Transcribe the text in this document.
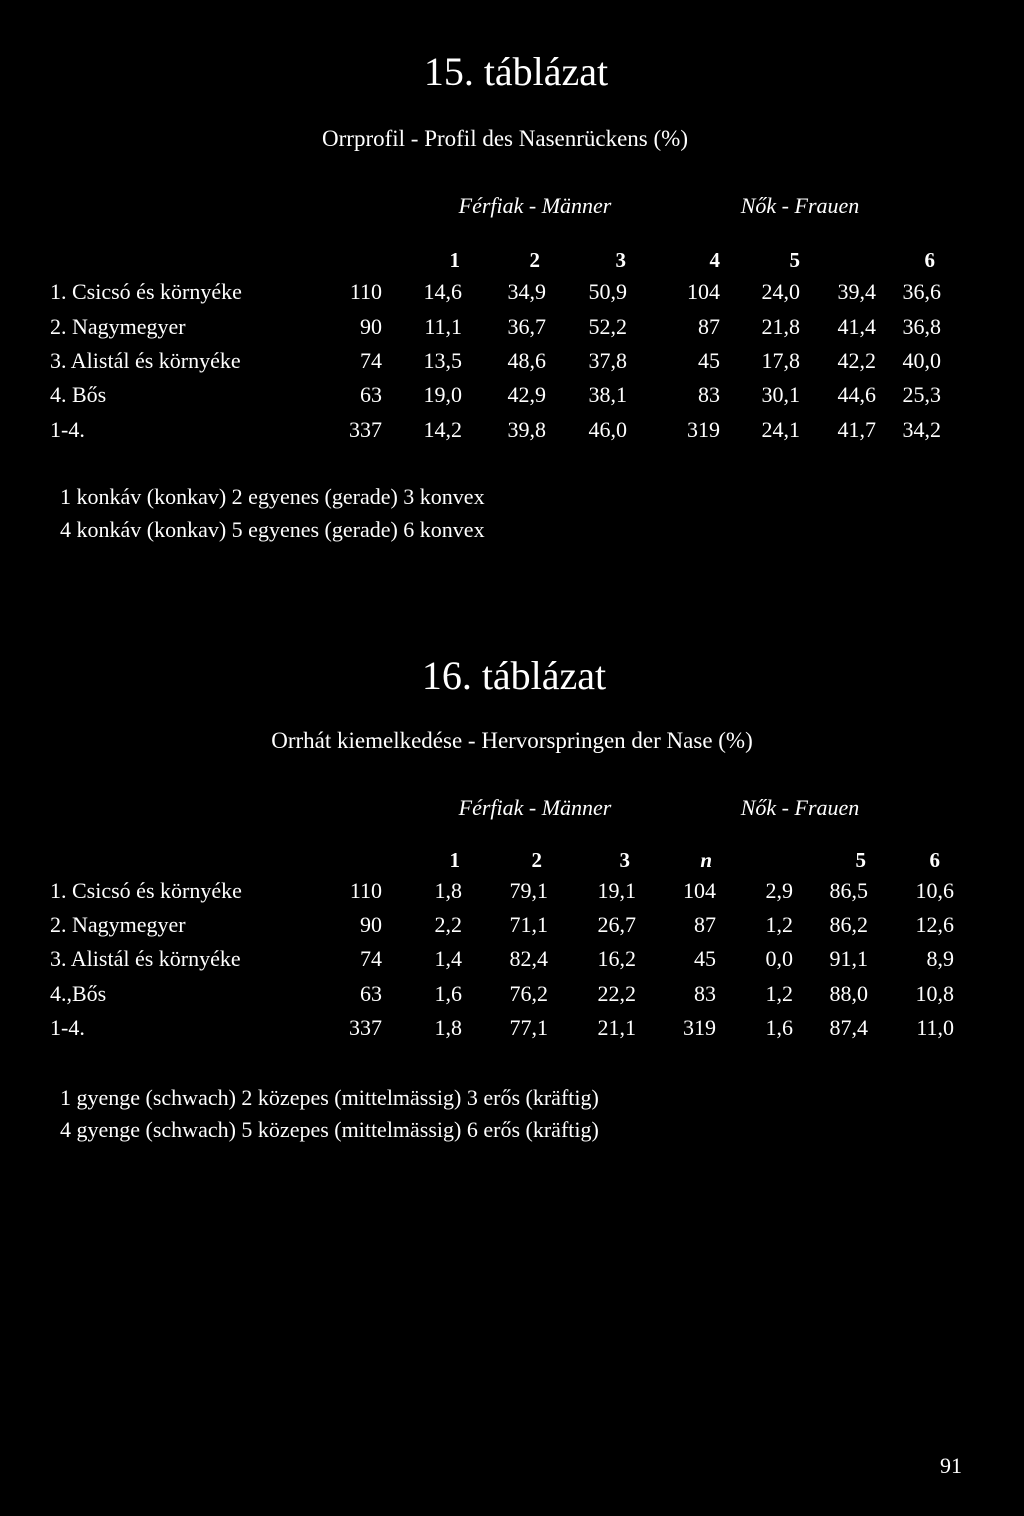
15. táblázat
Orrprofil - Profil des Nasenrückens (%)
Férfiak - Männer	Nők - Frauen
1	2	3	4	5	6
1. Csicsó és környéke	110	14,6	34,9	50,9	104	24,0	39,4	36,6
2. Nagymegyer	90	11,1	36,7	52,2	87	21,8	41,4	36,8
3. Alistál és környéke	74	13,5	48,6	37,8	45	17,8	42,2	40,0
4. Bős	63	19,0	42,9	38,1	83	30,1	44,6	25,3
1-4.	337	14,2	39,8	46,0	319	24,1	41,7	34,2
1 konkáv (konkav) 2 egyenes (gerade) 3 konvex
4 konkáv (konkav) 5 egyenes (gerade) 6 konvex
16. táblázat
Orrhát kiemelkedése - Hervorspringen der Nase (%)
Férfiak - Männer	Nők - Frauen
1	2	3	n	5	6
1. Csicsó és környéke	110	1,8	79,1	19,1	104	2,9	86,5	10,6
2. Nagymegyer	90	2,2	71,1	26,7	87	1,2	86,2	12,6
3. Alistál és környéke	74	1,4	82,4	16,2	45	0,0	91,1	8,9
4.,Bős	63	1,6	76,2	22,2	83	1,2	88,0	10,8
1-4.	337	1,8	77,1	21,1	319	1,6	87,4	11,0
1 gyenge (schwach) 2 közepes (mittelmässig) 3 erős (kräftig)
4 gyenge (schwach) 5 közepes (mittelmässig) 6 erős (kräftig)
91
